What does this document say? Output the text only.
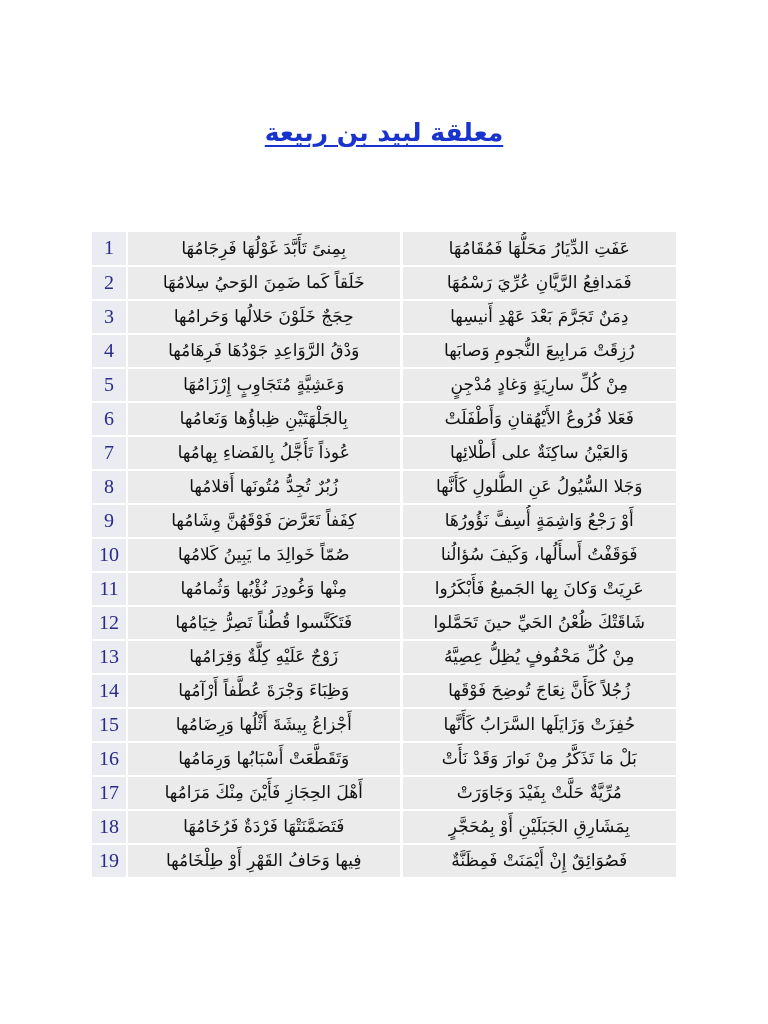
معلقة لبيد بن ربيعة
1	بِمِنىً تَأَبَّدَ غَوْلُهَا فَرِجَامُهَا	عَفَتِ الدِّيَارُ مَحَلُّهَا فَمُقَامُهَا
2	خَلَقاً كَما ضَمِنَ الوَحيُ سِلامُهَا	فَمَدافِعُ الرَّيَّانِ عُرِّيَ رَسْمُهَا
3	حِجَجٌ خَلَوْنَ حَلالُها وَحَرامُها	دِمَنٌ تَجَرَّمَ بَعْدَ عَهْدِ أَنيسِها
4	وَدْقُ الرَّوَاعِدِ جَوْدُهَا فَرِهَامُها	رُزِقَتْ مَرابِيعَ النُّجومِ وَصابَها
5	وَعَشِيَّةٍ مُتَجَاوِبٍ إِرْزَامُهَا	مِنْ كُلِّ سارِيَةٍ وَغادٍ مُدْجِنٍ
6	بِالجَلْهَتَيْنِ ظِباؤُها وَنَعامُها	فَعَلا فُرُوعُ الأَيْهُقانِ وَأَطْفَلَتْ
7	عُوذاً تَأَجَّلُ بِالفَضاءِ بِهامُها	وَالعَيْنُ ساكِنَةٌ على أَطْلائِها
8	زُبُرٌ تُجِدُّ مُتُونَها أَقلامُها	وَجَلا السُّيُولُ عَنِ الطُّلولِ كَأَنَّها
9	كِفَفاً تَعَرَّضَ فَوْقَهُنَّ وِشَامُها	أَوْ رَجْعُ وَاشِمَةٍ أُسِفَّ نَؤُورُهَا
10	صُمّاً خَوالِدَ ما يَبِينُ كَلامُها	فَوَقَفْتُ أَسأَلُها، وَكَيفَ سُؤالُنا
11	مِنْها وَغُودِرَ نُؤْيُها وَثُمامُها	عَرِيَتْ وَكانَ بِها الجَميعُ فَأَبْكَرُوا
12	فَتَكَنَّسوا قُطُناً تَصِرُّ خِيَامُها	شَاقَتْكَ ظُعْنُ الحَيِّ حينَ تَحَمَّلوا
13	زَوْجٌ عَلَيْهِ كِلَّةٌ وَقِرَامُها	مِنْ كُلِّ مَحْفُوفٍ يُظِلُّ عِصِيَّهُ
14	وَظِبَاءَ وَجْرَةَ عُطَّفاً أَرْآمُها	زُجُلاً كَأَنَّ نِعَاجَ تُوضِحَ فَوْقَها
15	أَجْزاعُ بِيشَةَ أَثْلُها وَرِضَامُها	حُفِزَتْ وَزَايَلَها السَّرَابُ كَأَنَّها
16	وَتَقَطَّعَتْ أَسْبَابُها وَرِمَامُها	بَلْ مَا تَذَكَّرُ مِنْ نَوارَ وَقَدْ نَأَتْ
17	أَهْلَ الحِجَازِ فَأَيْنَ مِنْكَ مَرَامُها	مُرِّيَّةٌ حَلَّتْ بِفَيْدَ وَجَاوَرَتْ
18	فَتَضَمَّنَتْهَا فَرْدَةٌ فَرُخَامُهَا	بِمَشَارِقِ الجَبَلَيْنِ أَوْ بِمُحَجَّرٍ
19	فِيها وَحَافُ القَهْرِ أَوْ طِلْخَامُها	فَصُوَائِقٌ إِنْ أَيْمَنَتْ فَمِظَنَّةٌ
